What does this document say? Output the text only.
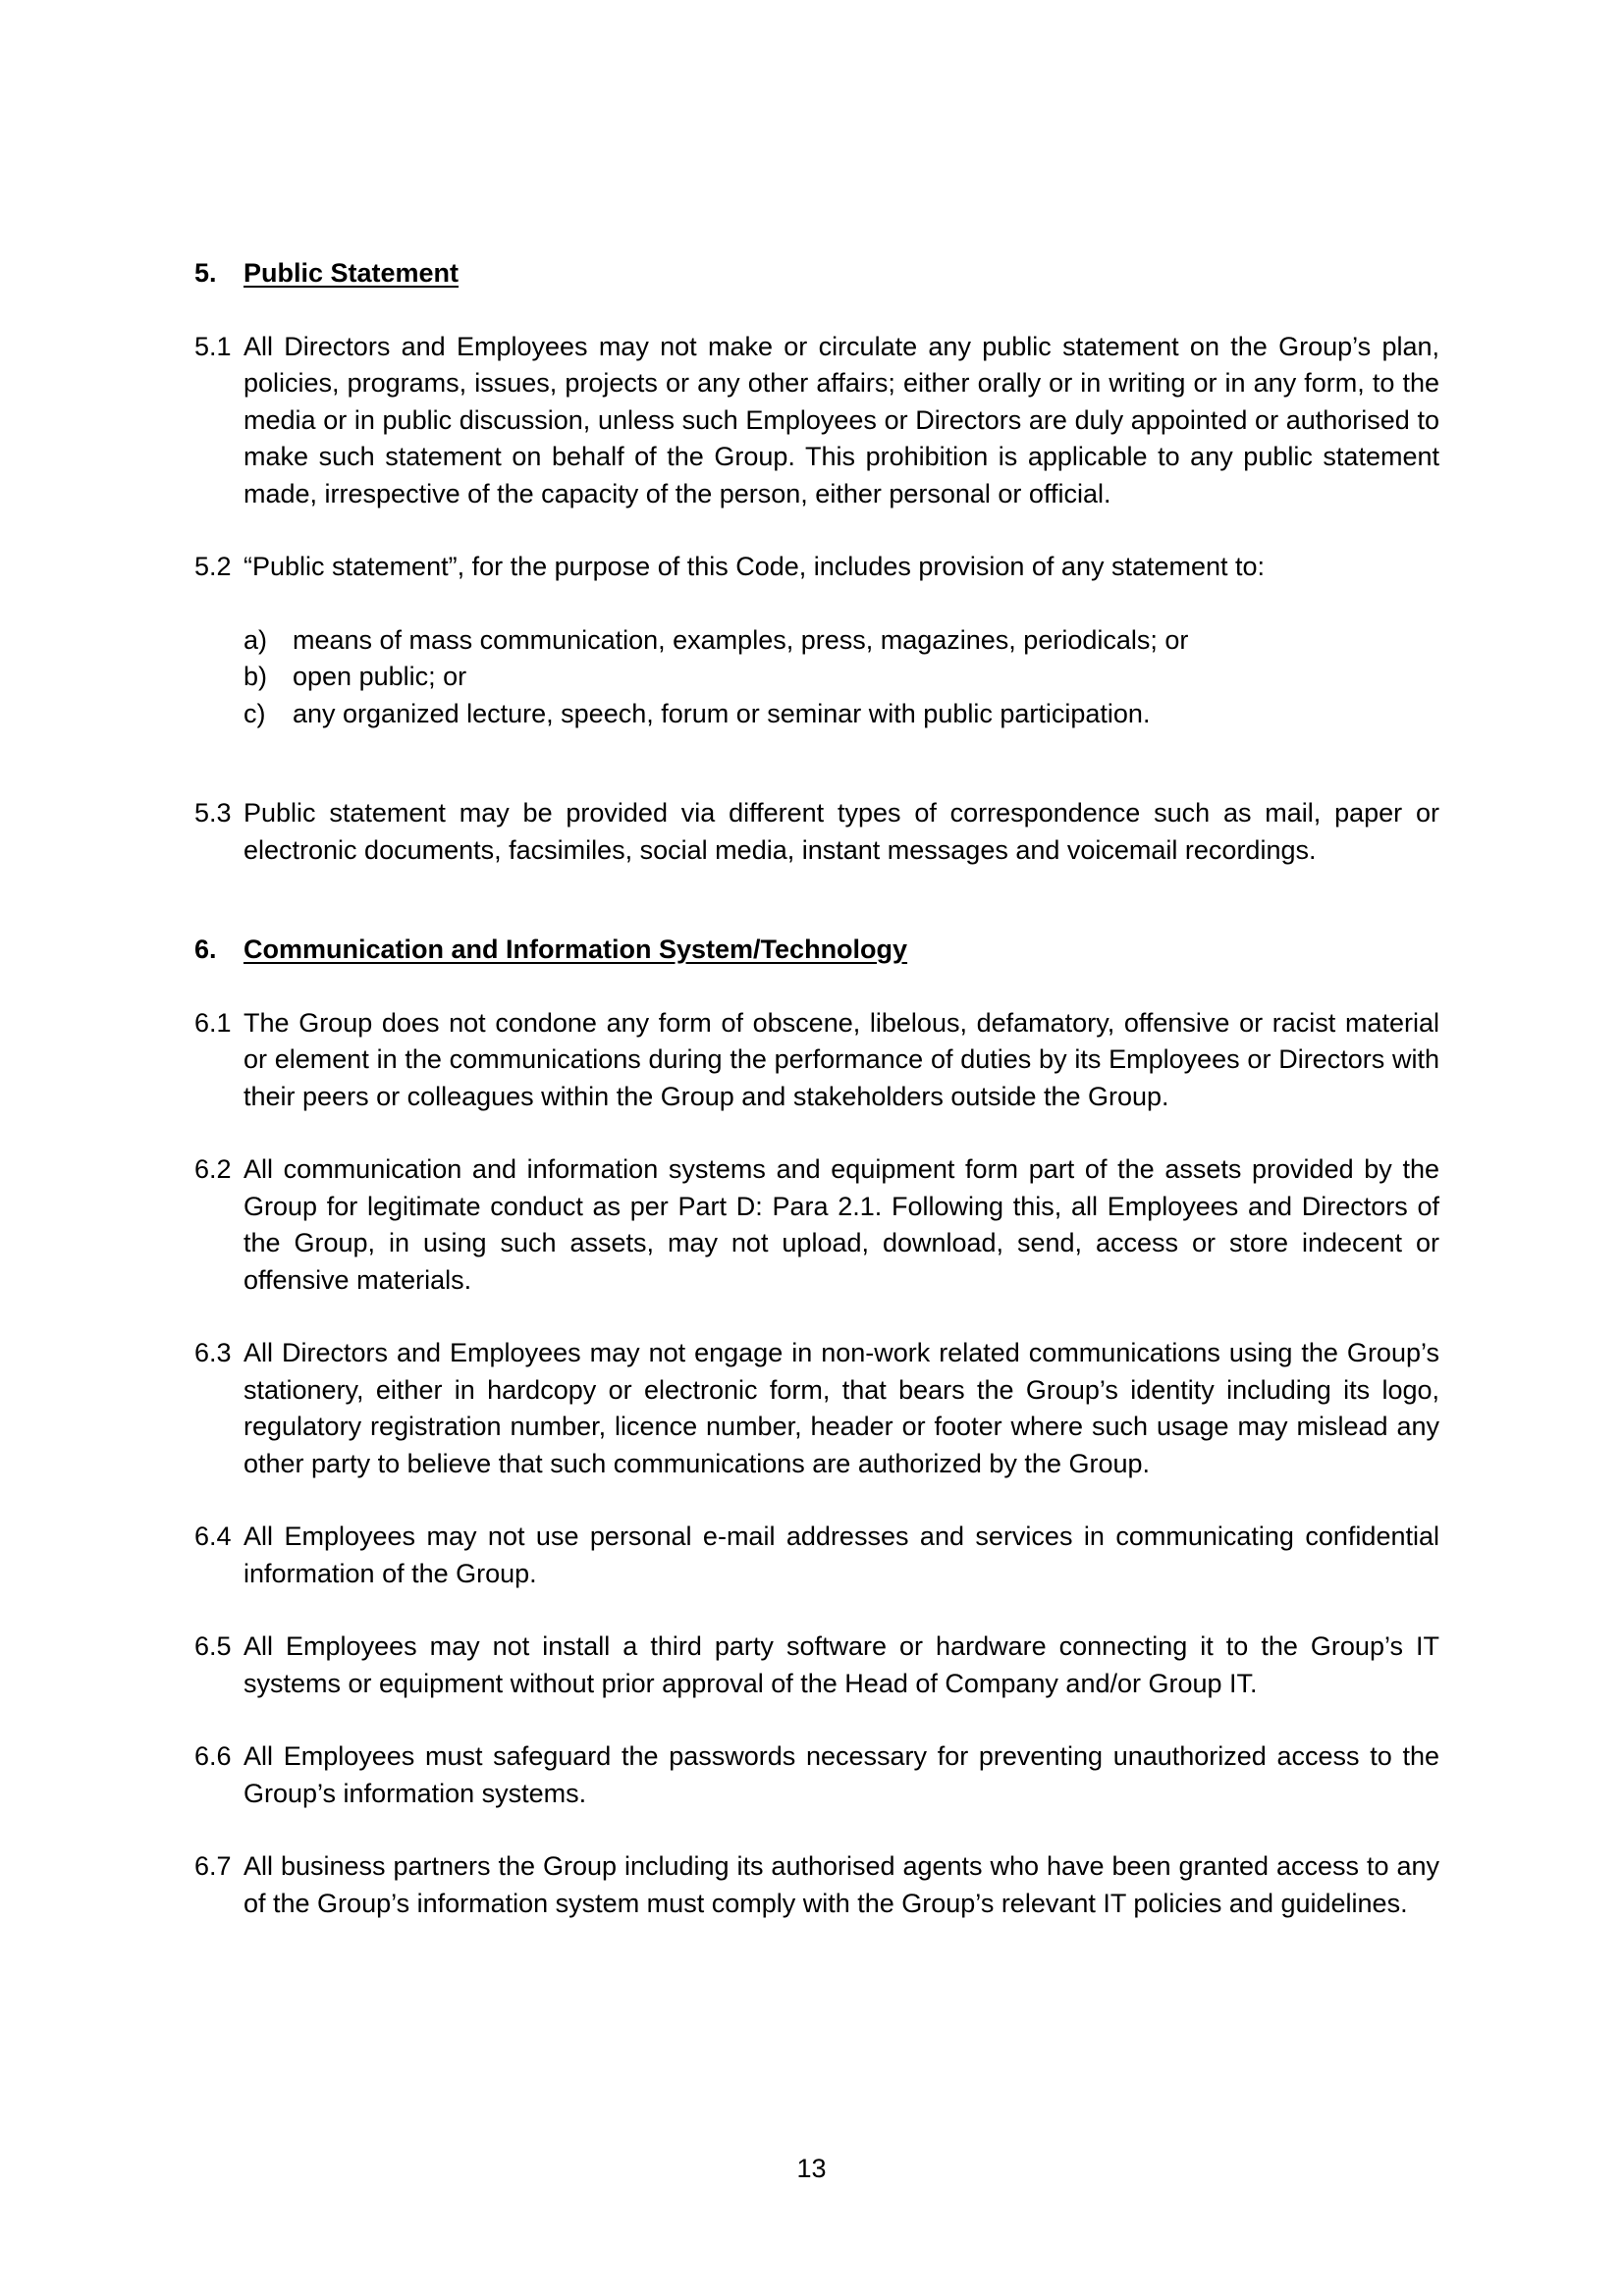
5.	Public Statement
5.1 All Directors and Employees may not make or circulate any public statement on the Group’s plan, policies, programs, issues, projects or any other affairs; either orally or in writing or in any form, to the media or in public discussion, unless such Employees or Directors are duly appointed or authorised to make such statement on behalf of the Group. This prohibition is applicable to any public statement made, irrespective of the capacity of the person, either personal or official.
5.2 “Public statement”, for the purpose of this Code, includes provision of any statement to:
a) means of mass communication, examples, press, magazines, periodicals; or
b) open public; or
c)	any organized lecture, speech, forum or seminar with public participation.
5.3 Public statement may be provided via different types of correspondence such as mail, paper or electronic documents, facsimiles, social media, instant messages and voicemail recordings.
6.	Communication and Information System/Technology
6.1 The Group does not condone any form of obscene, libelous, defamatory, offensive or racist material or element in the communications during the performance of duties by its Employees or Directors with their peers or colleagues within the Group and stakeholders outside the Group.
6.2 All communication and information systems and equipment form part of the assets provided by the Group for legitimate conduct as per Part D: Para 2.1. Following this, all Employees and Directors of the Group, in using such assets, may not upload, download, send, access or store indecent or offensive materials.
6.3 All Directors and Employees may not engage in non-work related communications using the Group’s stationery, either in hardcopy or electronic form, that bears the Group’s identity including its logo, regulatory registration number, licence number, header or footer where such usage may mislead any other party to believe that such communications are authorized by the Group.
6.4 All Employees may not use personal e-mail addresses and services in communicating confidential information of the Group.
6.5 All Employees may not install a third party software or hardware connecting it to the Group’s IT systems or equipment without prior approval of the Head of Company and/or Group IT.
6.6 All Employees must safeguard the passwords necessary for preventing unauthorized access to the Group’s information systems.
6.7 All business partners the Group including its authorised agents who have been granted access to any of the Group’s information system must comply with the Group’s relevant IT policies and guidelines.
13
